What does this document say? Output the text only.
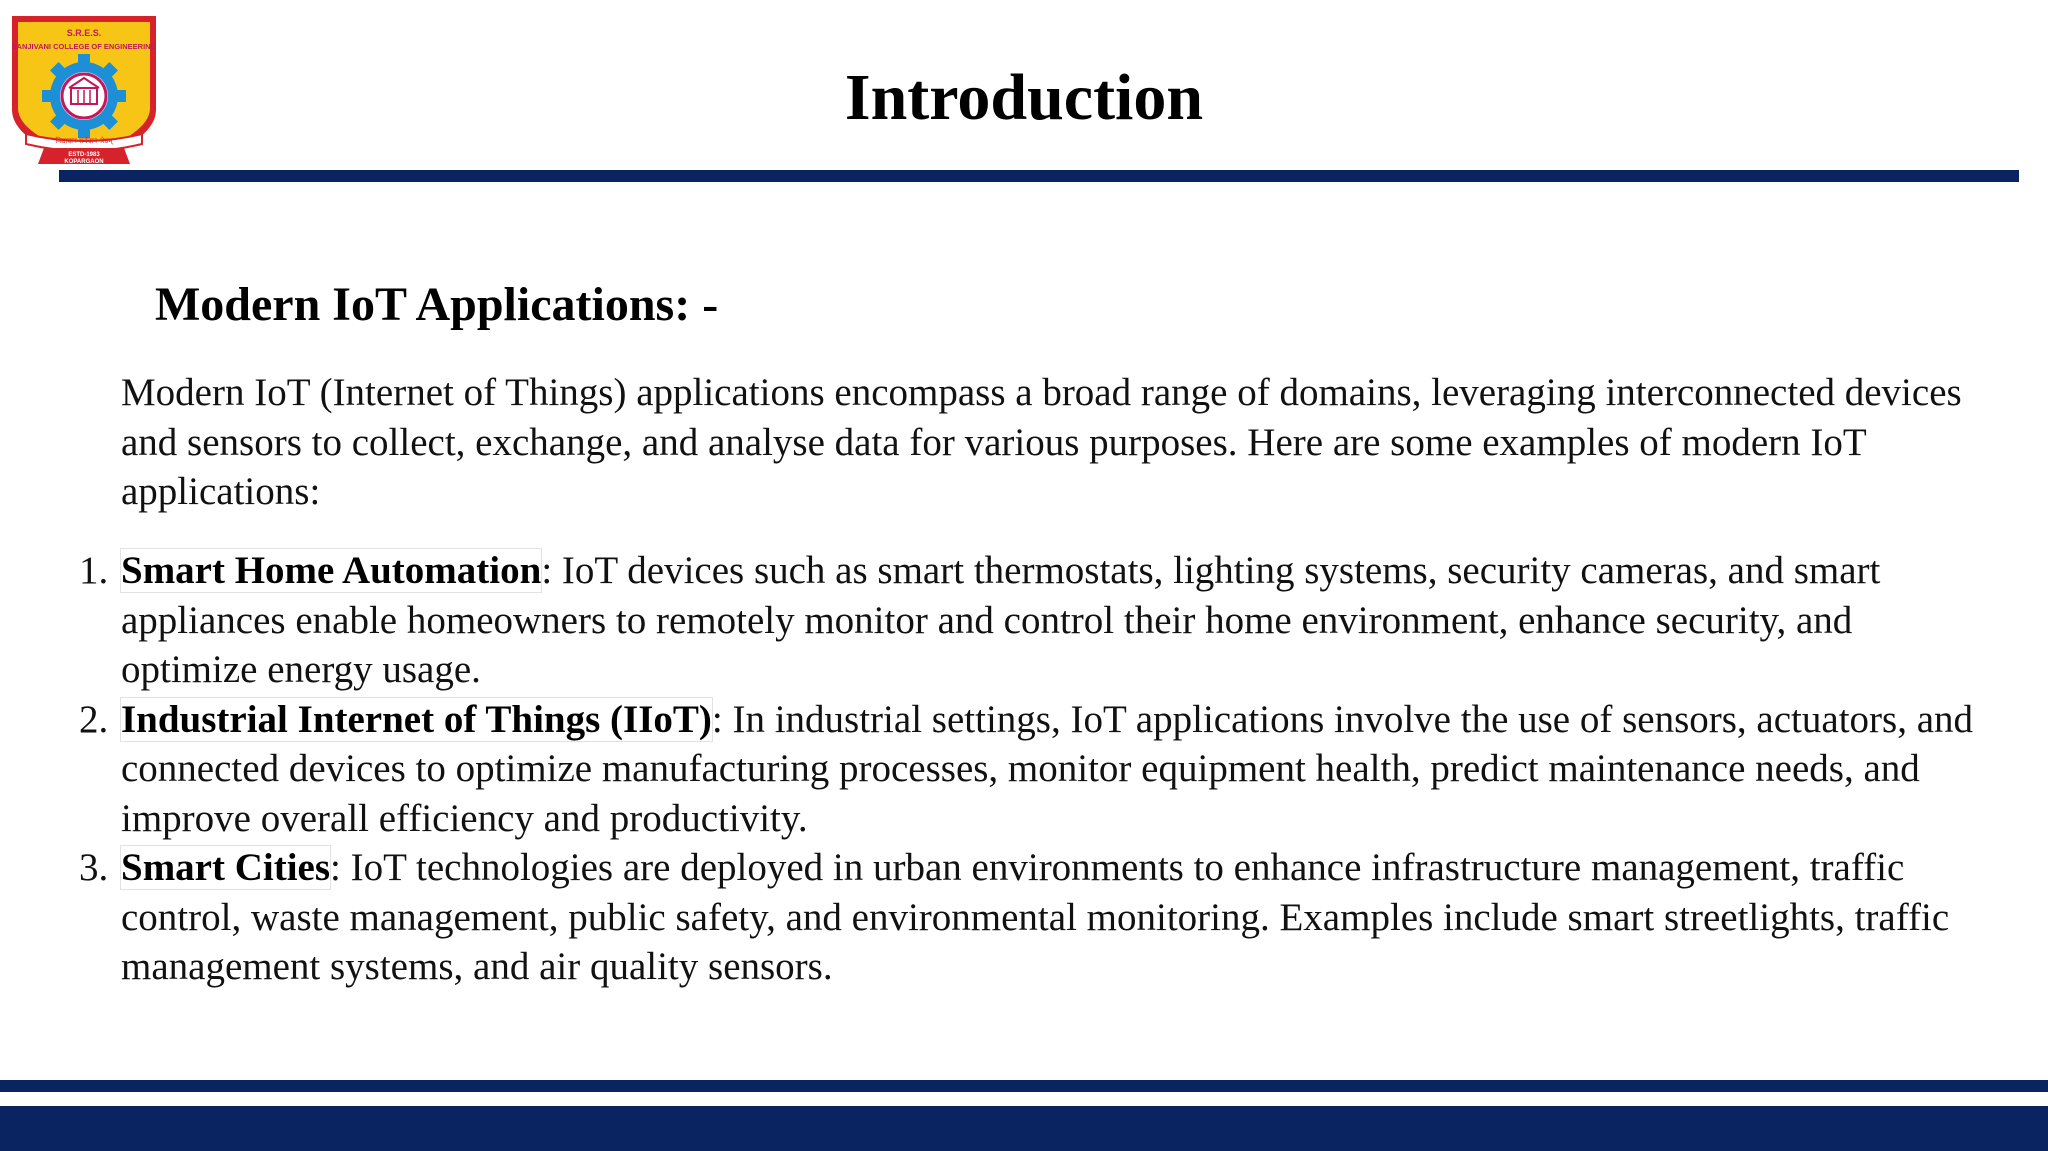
S.R.E.S.
SANJIVANI COLLEGE OF ENGINEERING
विद्यादान सर्वदान श्रेष्ठम्
ESTD-1983
KOPARGAON
Introduction
Modern IoT Applications: -

Modern IoT (Internet of Things) applications encompass a broad range of domains, leveraging interconnected devices and sensors to collect, exchange, and analyse data for various purposes. Here are some examples of modern IoT applications:

1. Smart Home Automation: IoT devices such as smart thermostats, lighting systems, security cameras, and smart appliances enable homeowners to remotely monitor and control their home environment, enhance security, and optimize energy usage.
2. Industrial Internet of Things (IIoT): In industrial settings, IoT applications involve the use of sensors, actuators, and connected devices to optimize manufacturing processes, monitor equipment health, predict maintenance needs, and improve overall efficiency and productivity.
3. Smart Cities: IoT technologies are deployed in urban environments to enhance infrastructure management, traffic control, waste management, public safety, and environmental monitoring. Examples include smart streetlights, traffic management systems, and air quality sensors.
